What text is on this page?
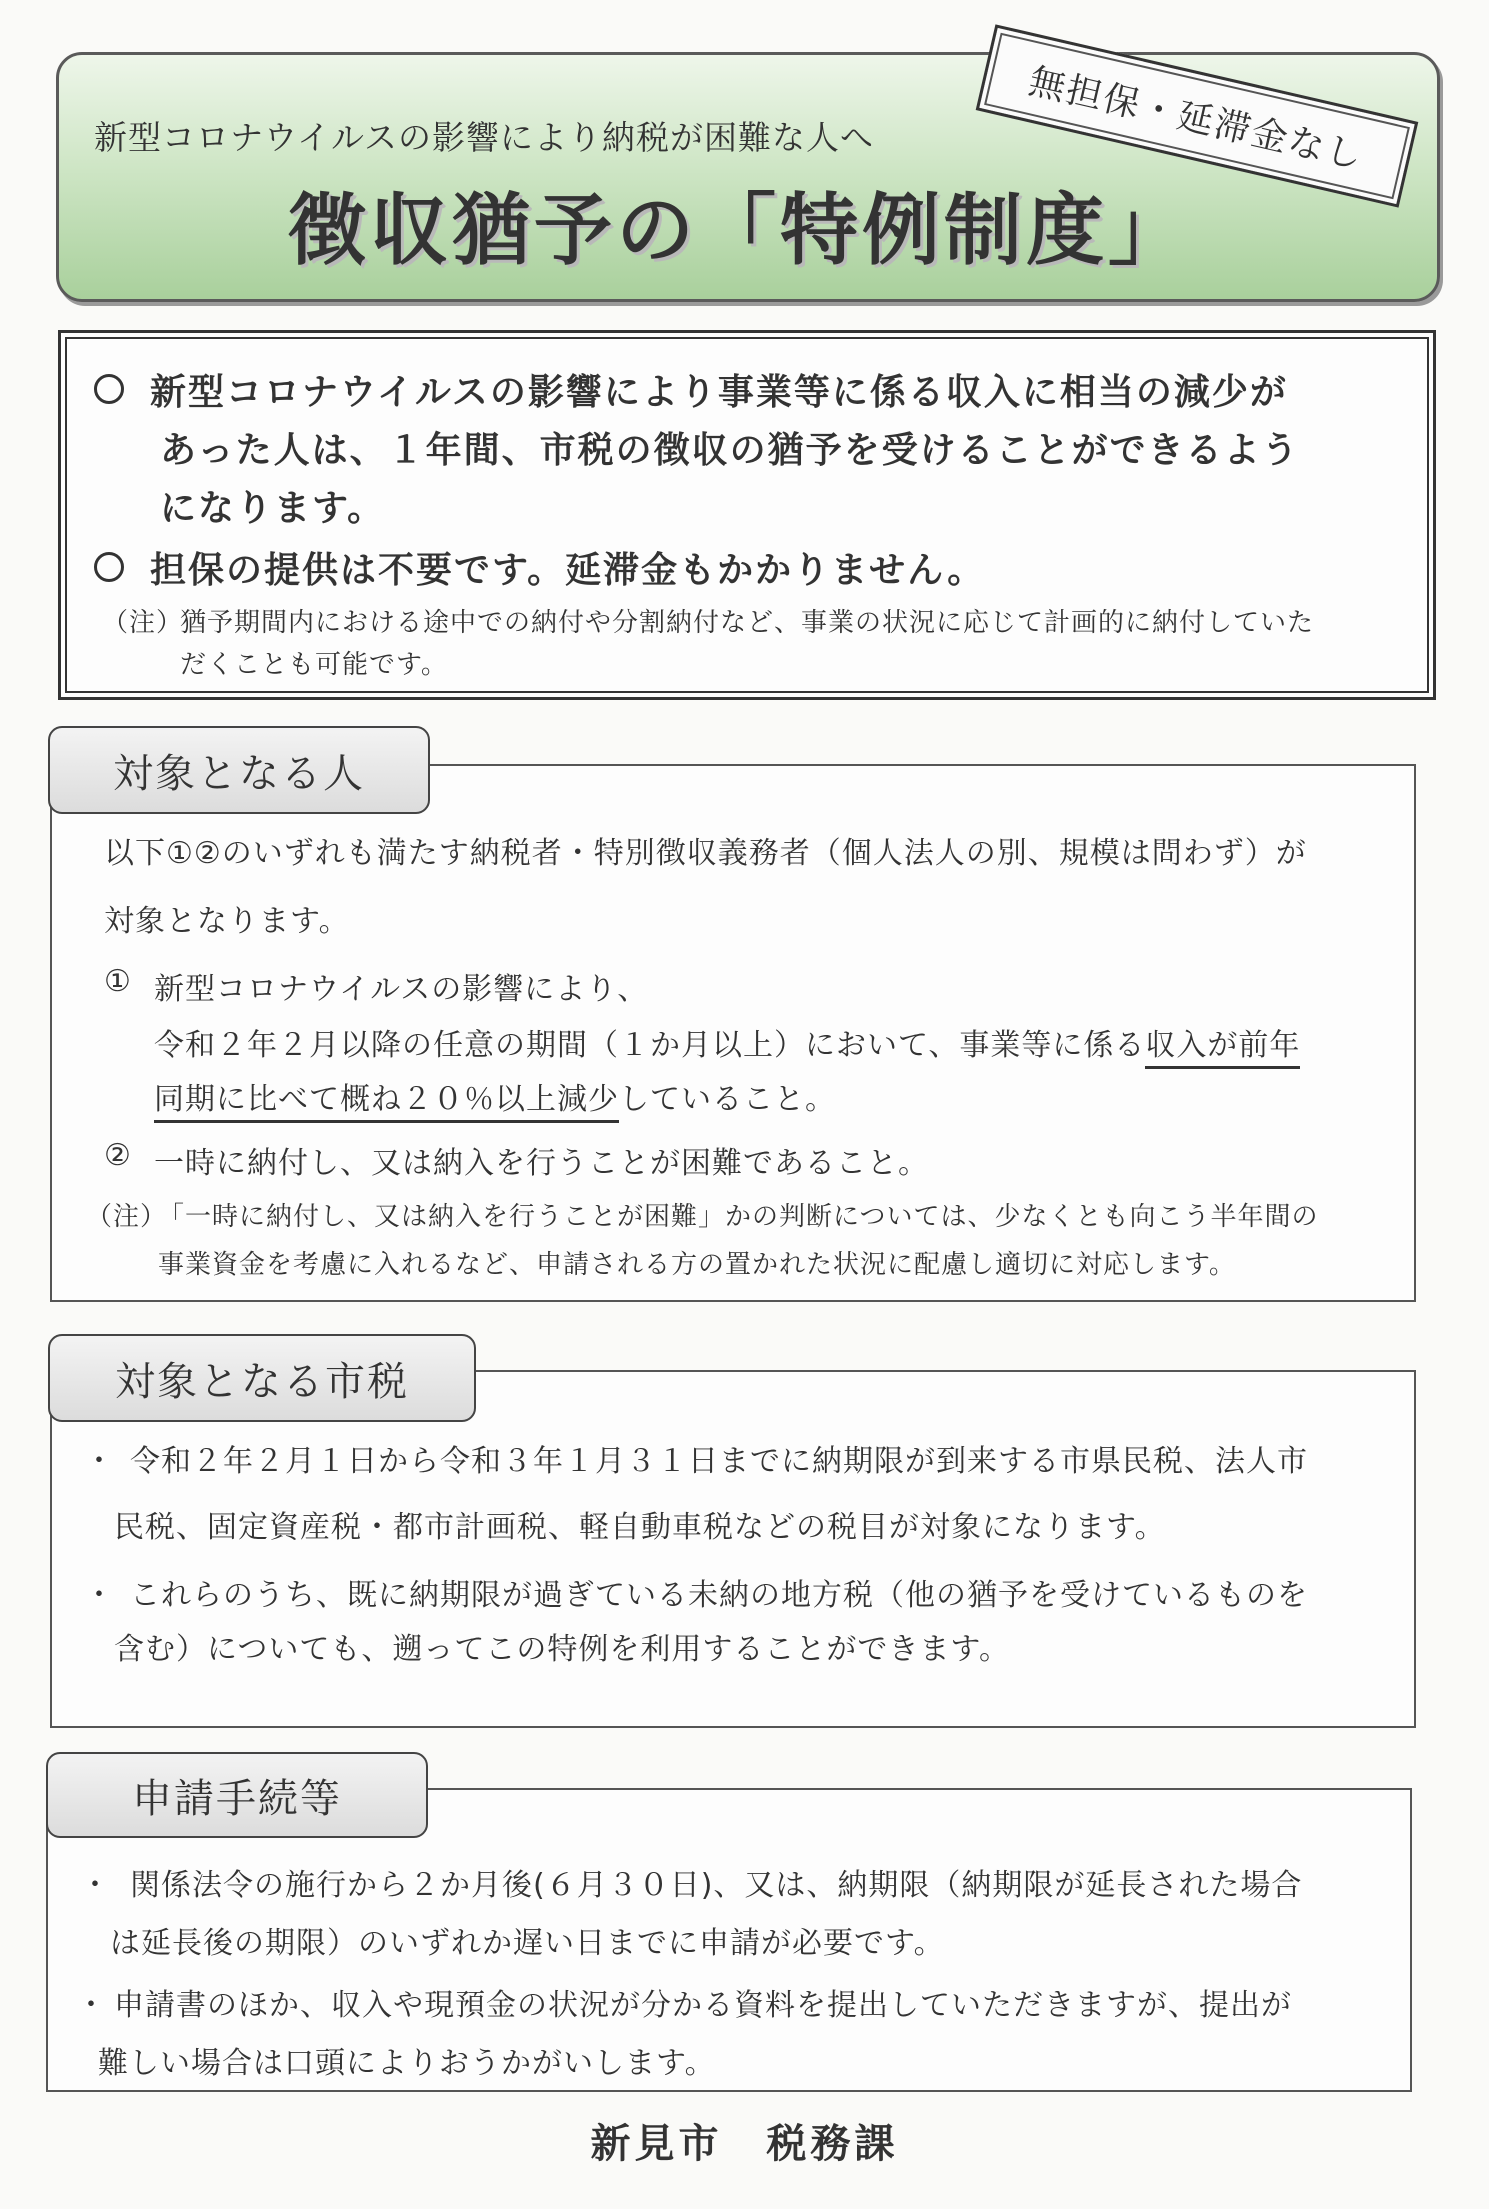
新型コロナウイルスの影響により納税が困難な人へ
徴収猶予の「特例制度」
無担保・延滞金なし
新型コロナウイルスの影響により事業等に係る収入に相当の減少が
あった人は、１年間、市税の徴収の猶予を受けることができるよう
になります。
担保の提供は不要です。延滞金もかかりません。
（注）
猶予期間内における途中での納付や分割納付など、事業の状況に応じて計画的に納付していた
だくことも可能です。
対象となる人
以下①②のいずれも満たす納税者・特別徴収義務者（個人法人の別、規模は問わず）が
対象となります。
① 新型コロナウイルスの影響により、
令和２年２月以降の任意の期間（１か月以上）において、事業等に係る収入が前年
同期に比べて概ね２０％以上減少していること。
② 一時に納付し、又は納入を行うことが困難であること。
（注）
「一時に納付し、又は納入を行うことが困難」かの判断については、少なくとも向こう半年間の
事業資金を考慮に入れるなど、申請される方の置かれた状況に配慮し適切に対応します。
対象となる市税
・ 令和２年２月１日から令和３年１月３１日までに納期限が到来する市県民税、法人市
民税、固定資産税・都市計画税、軽自動車税などの税目が対象になります。
・ これらのうち、既に納期限が過ぎている未納の地方税（他の猶予を受けているものを
含む）についても、遡ってこの特例を利用することができます。
申請手続等
・ 関係法令の施行から２か月後(６月３０日)、又は、納期限（納期限が延長された場合
は延長後の期限）のいずれか遅い日までに申請が必要です。
・ 申請書のほか、収入や現預金の状況が分かる資料を提出していただきますが、提出が
難しい場合は口頭によりおうかがいします。
新見市　税務課
